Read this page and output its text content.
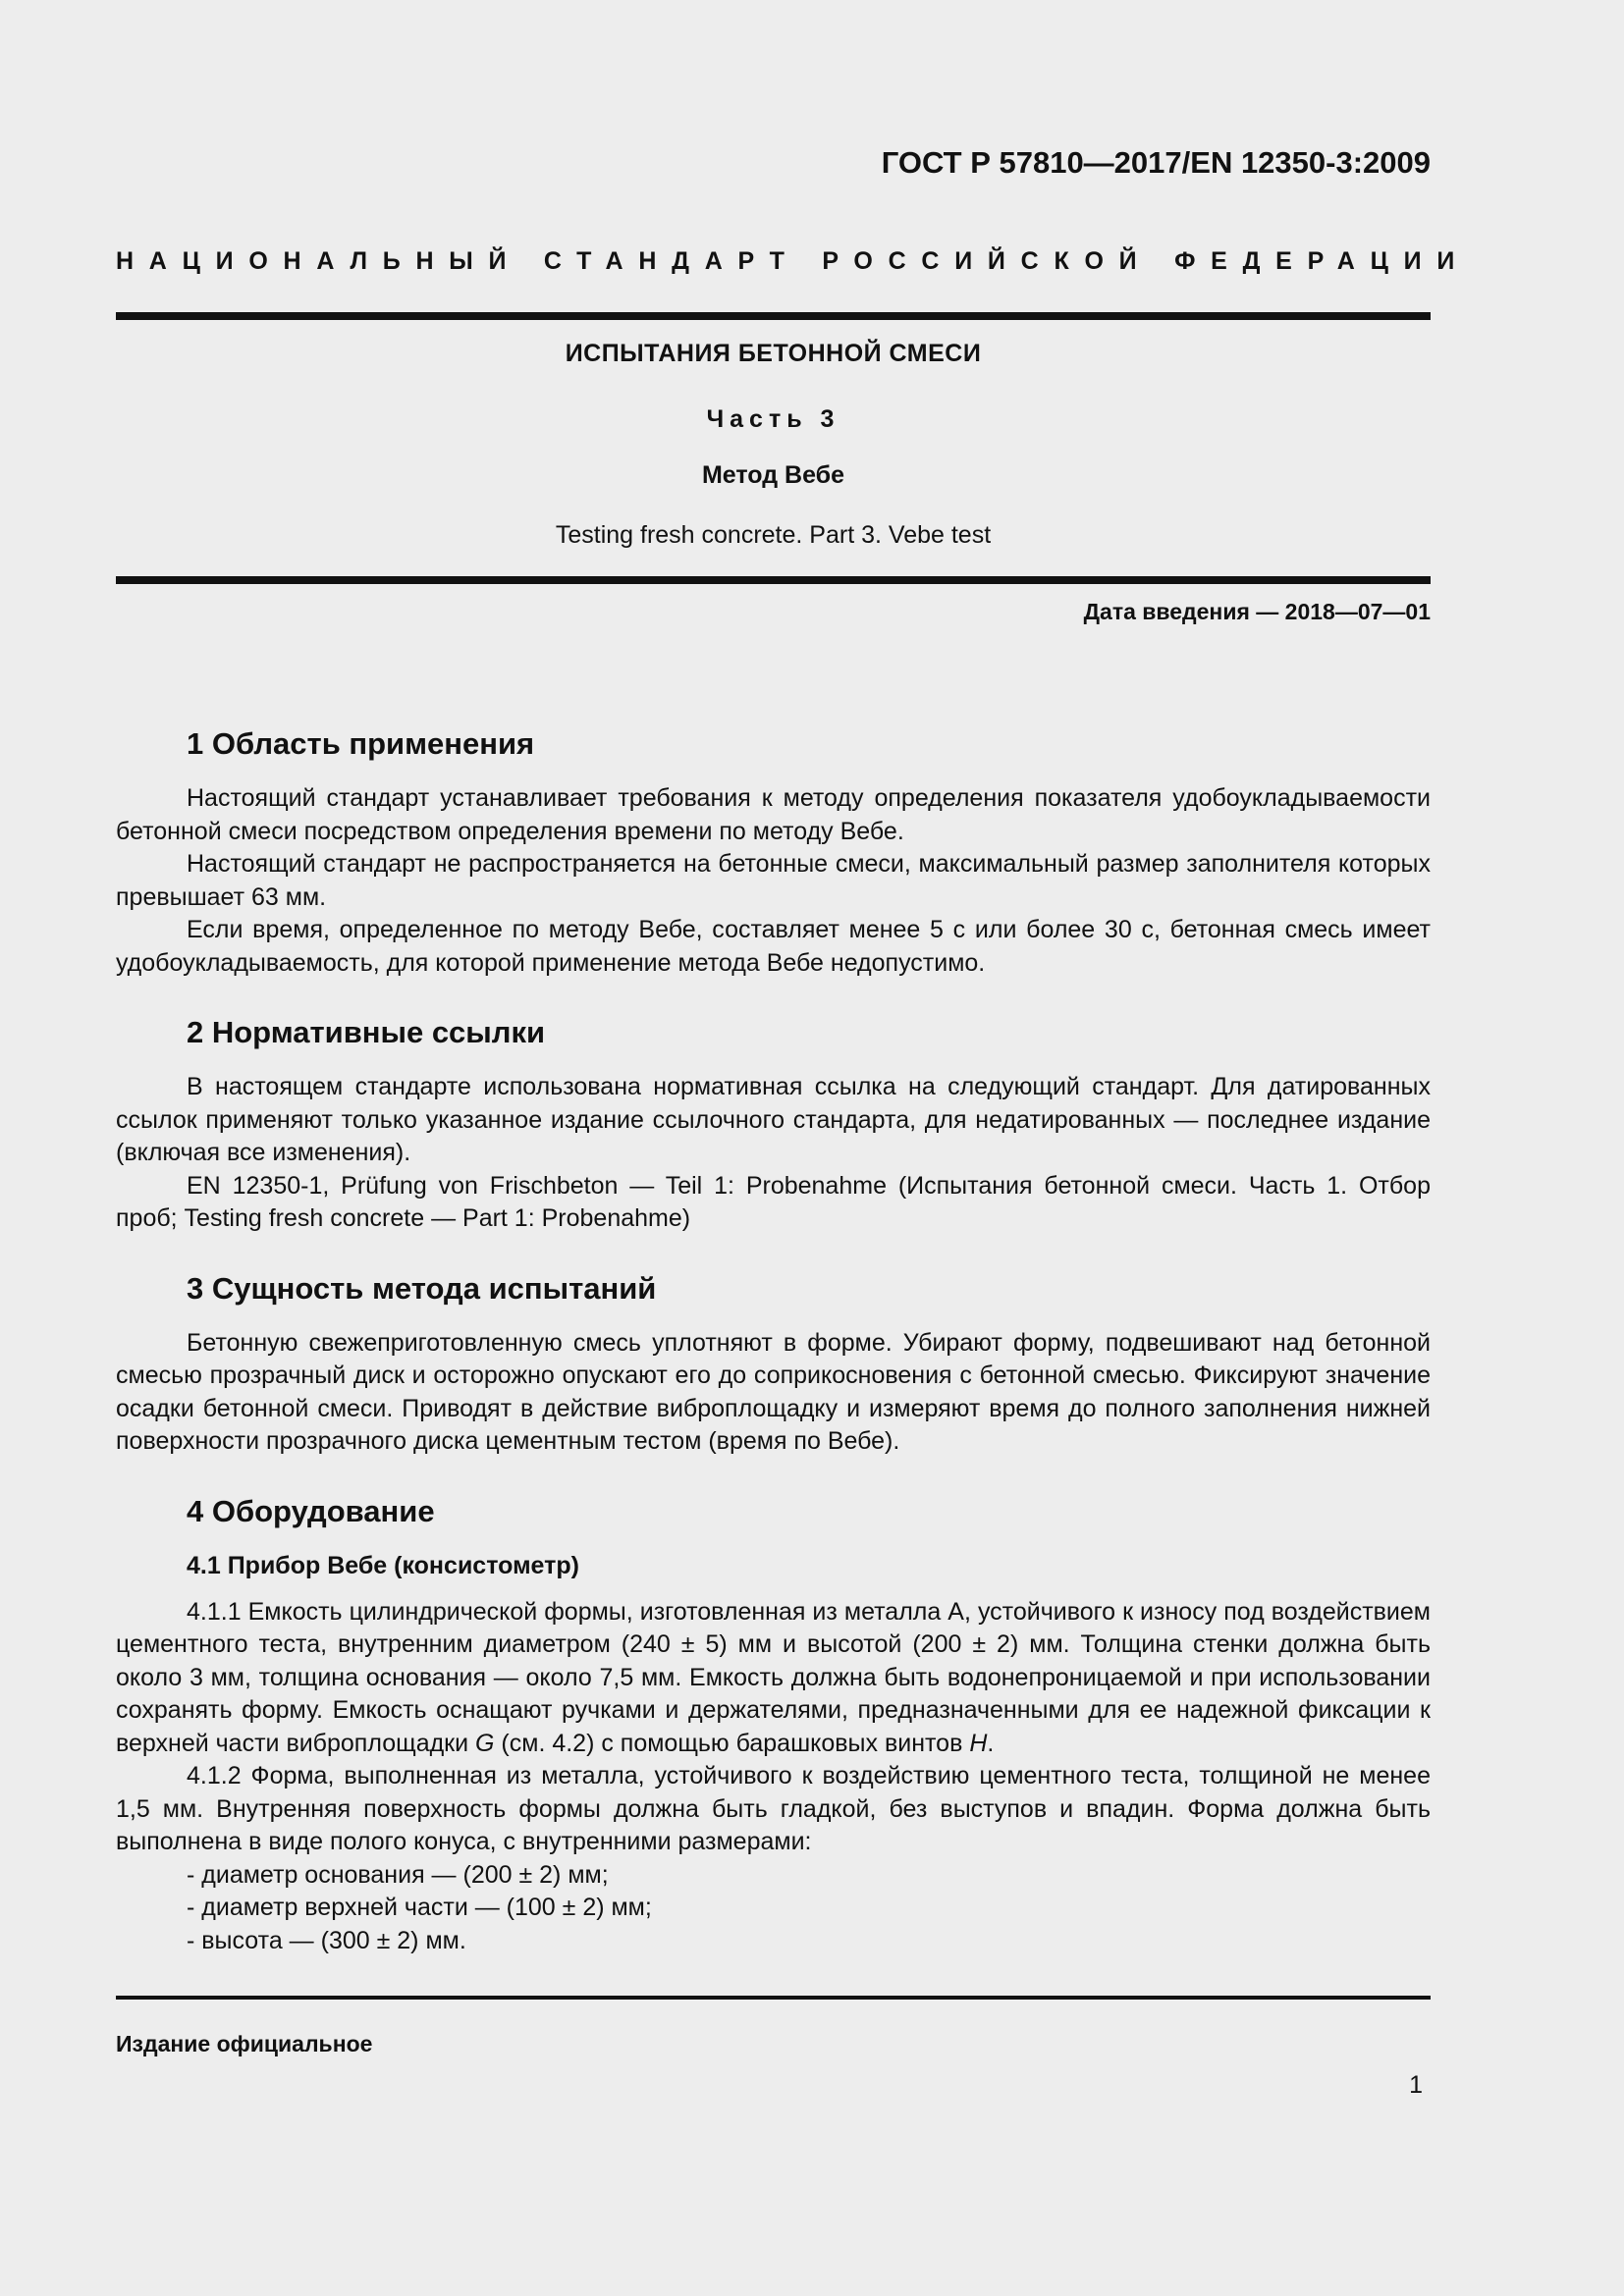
ГОСТ Р 57810—2017/EN 12350-3:2009
НАЦИОНАЛЬНЫЙ СТАНДАРТ РОССИЙСКОЙ ФЕДЕРАЦИИ
ИСПЫТАНИЯ БЕТОННОЙ СМЕСИ
Часть 3
Метод Вебе
Testing fresh concrete. Part 3. Vebe test
Дата введения — 2018—07—01
1 Область применения

Настоящий стандарт устанавливает требования к методу определения показателя удобоукладываемости бетонной смеси посредством определения времени по методу Вебе.

Настоящий стандарт не распространяется на бетонные смеси, максимальный размер заполнителя которых превышает 63 мм.

Если время, определенное по методу Вебе, составляет менее 5 с или более 30 с, бетонная смесь имеет удобоукладываемость, для которой применение метода Вебе недопустимо.

2 Нормативные ссылки

В настоящем стандарте использована нормативная ссылка на следующий стандарт. Для датированных ссылок применяют только указанное издание ссылочного стандарта, для недатированных — последнее издание (включая все изменения).

EN 12350-1, Prüfung von Frischbeton — Teil 1: Probenahme (Испытания бетонной смеси. Часть 1. Отбор проб; Testing fresh concrete — Part 1: Probenahme)

3 Сущность метода испытаний

Бетонную свежеприготовленную смесь уплотняют в форме. Убирают форму, подвешивают над бетонной смесью прозрачный диск и осторожно опускают его до соприкосновения с бетонной смесью. Фиксируют значение осадки бетонной смеси. Приводят в действие виброплощадку и измеряют время до полного заполнения нижней поверхности прозрачного диска цементным тестом (время по Вебе).

4 Оборудование
4.1 Прибор Вебе (консистометр)

4.1.1 Емкость цилиндрической формы, изготовленная из металла А, устойчивого к износу под воздействием цементного теста, внутренним диаметром (240 ± 5) мм и высотой (200 ± 2) мм. Толщина стенки должна быть около 3 мм, толщина основания — около 7,5 мм. Емкость должна быть водонепроницаемой и при использовании сохранять форму. Емкость оснащают ручками и держателями, предназначенными для ее надежной фиксации к верхней части виброплощадки G (см. 4.2) с помощью барашковых винтов H.

4.1.2 Форма, выполненная из металла, устойчивого к воздействию цементного теста, толщиной не менее 1,5 мм. Внутренняя поверхность формы должна быть гладкой, без выступов и впадин. Форма должна быть выполнена в виде полого конуса, с внутренними размерами:

- диаметр основания — (200 ± 2) мм;

- диаметр верхней части — (100 ± 2) мм;

- высота — (300 ± 2) мм.

Издание официальное
1
